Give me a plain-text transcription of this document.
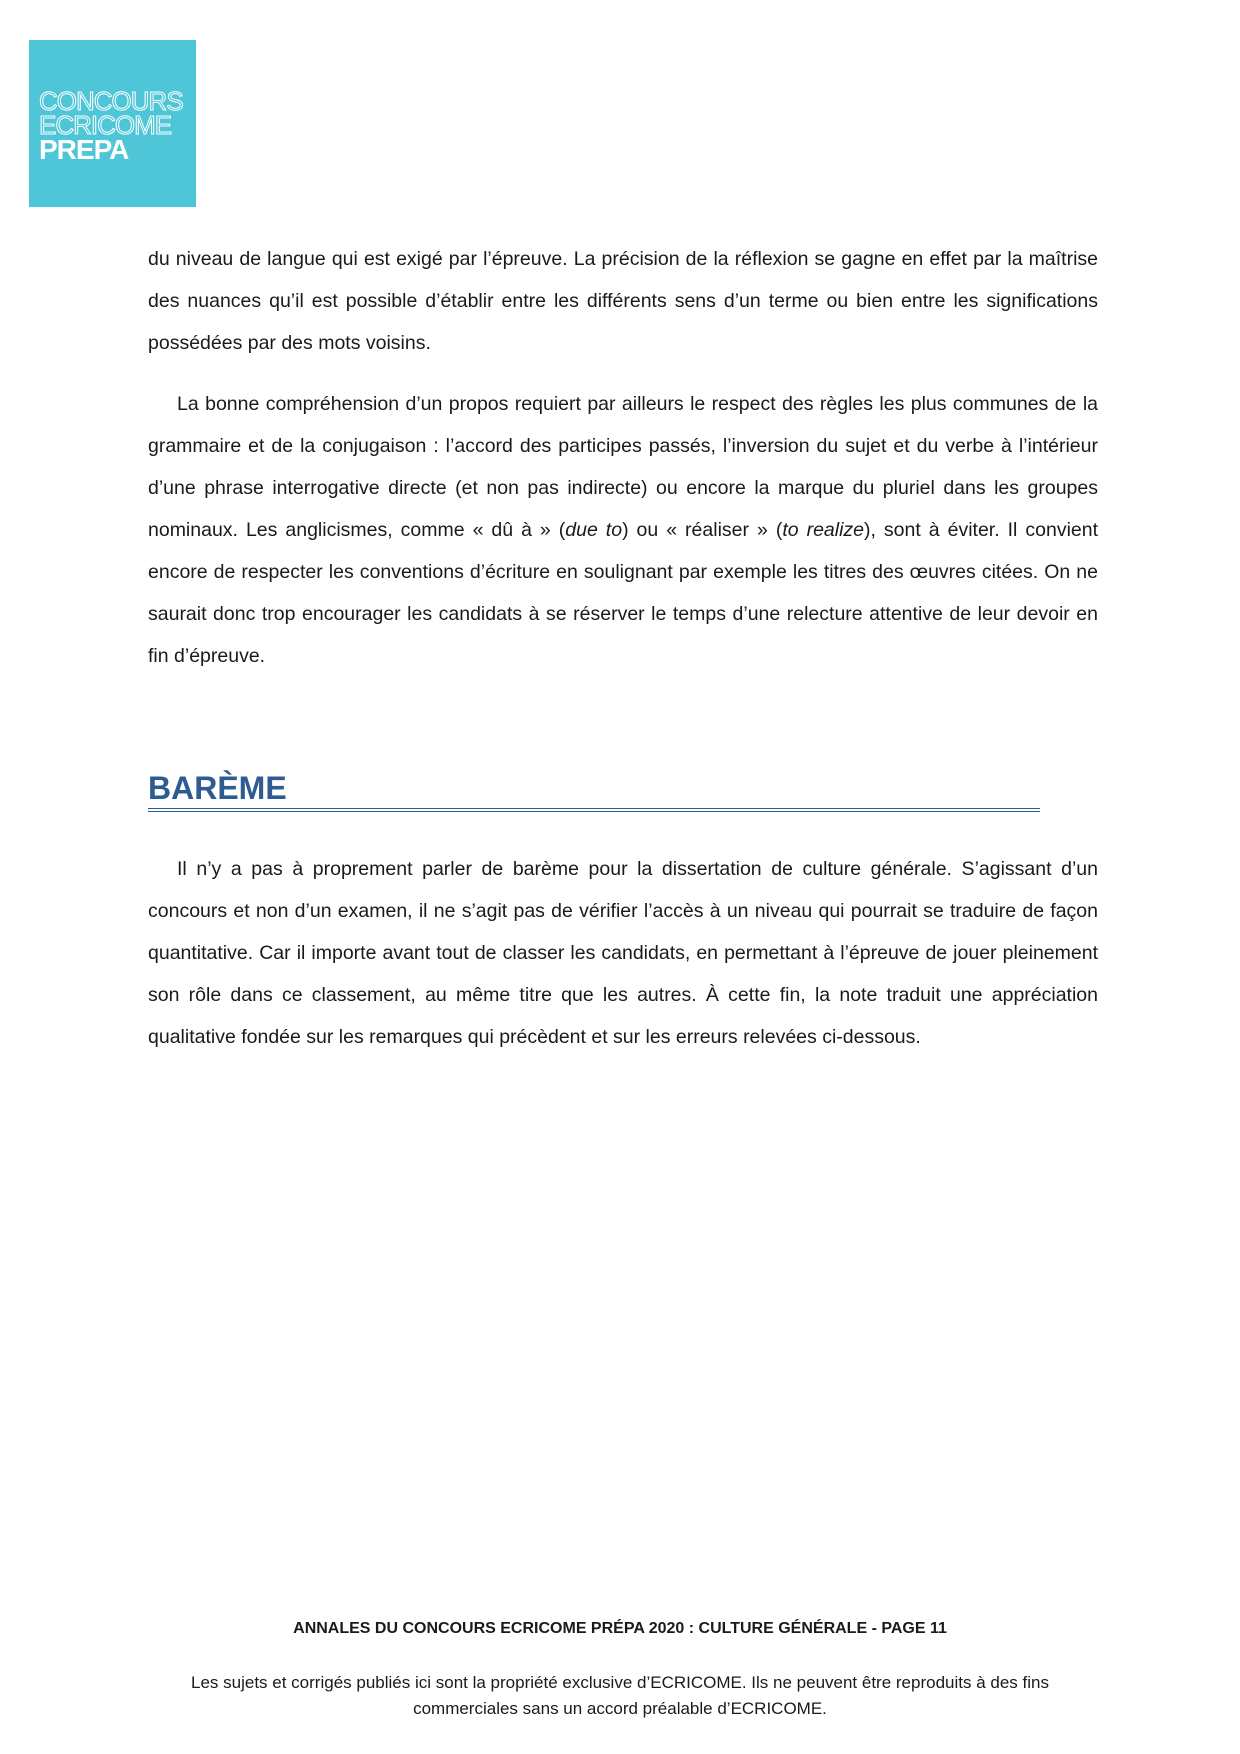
CONCOURS
ECRICOME
PREPA

du niveau de langue qui est exigé par l’épreuve. La précision de la réflexion se gagne en effet par la maîtrise des nuances qu’il est possible d’établir entre les différents sens d’un terme ou bien entre les significations possédées par des mots voisins.

La bonne compréhension d’un propos requiert par ailleurs le respect des règles les plus communes de la grammaire et de la conjugaison : l’accord des participes passés, l’inversion du sujet et du verbe à l’intérieur d’une phrase interrogative directe (et non pas indirecte) ou encore la marque du pluriel dans les groupes nominaux. Les anglicismes, comme « dû à » (due to) ou « réaliser » (to realize), sont à éviter. Il convient encore de respecter les conventions d’écriture en soulignant par exemple les titres des œuvres citées. On ne saurait donc trop encourager les candidats à se réserver le temps d’une relecture attentive de leur devoir en fin d’épreuve.

BARÈME

Il n’y a pas à proprement parler de barème pour la dissertation de culture générale. S’agissant d’un concours et non d’un examen, il ne s’agit pas de vérifier l’accès à un niveau qui pourrait se traduire de façon quantitative. Car il importe avant tout de classer les candidats, en permettant à l’épreuve de jouer pleinement son rôle dans ce classement, au même titre que les autres. À cette fin, la note traduit une appréciation qualitative fondée sur les remarques qui précèdent et sur les erreurs relevées ci-dessous.

ANNALES DU CONCOURS ECRICOME PRÉPA 2020 : CULTURE GÉNÉRALE - PAGE 11
Les sujets et corrigés publiés ici sont la propriété exclusive d’ECRICOME. Ils ne peuvent être reproduits à des fins commerciales sans un accord préalable d’ECRICOME.
